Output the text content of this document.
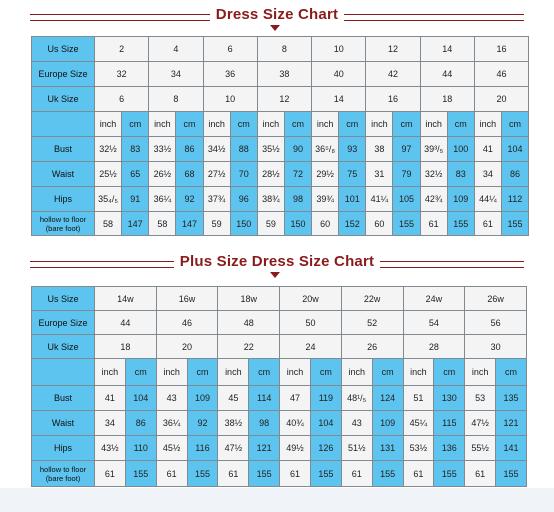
Dress Size Chart
Us Size	2		4		6		8		10		12		14		16	
Europe Size	32		34		36		38		40		42		44		46	
Uk Size	6		8		10		12		14		16		18		20	
	inch	cm	inch	cm	inch	cm	inch	cm	inch	cm	inch	cm	inch	cm	inch	cm
Bust	32½	83	33½	86	34½	88	35½	90	36⁵/₈	93	38	97	39³/₅	100	41	104
Waist	25½	65	26½	68	27½	70	28½	72	29½	75	31	79	32½	83	34	86
Hips	35₄/₅	91	36¼	92	37¾	96	38¾	98	39¾	101	41¼	105	42¾	109	44¼	112
hollow to floor (bare foot)	58	147	58	147	59	150	59	150	60	152	60	155	61	155	61	155
Plus Size Dress Size Chart
Us Size	14w		16w		18w		20w		22w		24w		26w	
Europe Size	44		46		48		50		52		54		56	
Uk Size	18		20		22		24		26		28		30	
	inch	cm	inch	cm	inch	cm	inch	cm	inch	cm	inch	cm	inch	cm
Bust	41	104	43	109	45	114	47	119	48¹/₅	124	51	130	53	135
Waist	34	86	36¼	92	38½	98	40¾	104	43	109	45¼	115	47½	121
Hips	43½	110	45½	116	47½	121	49½	126	51½	131	53½	136	55½	141
hollow to floor (bare foot)	61	155	61	155	61	155	61	155	61	155	61	155	61	155
